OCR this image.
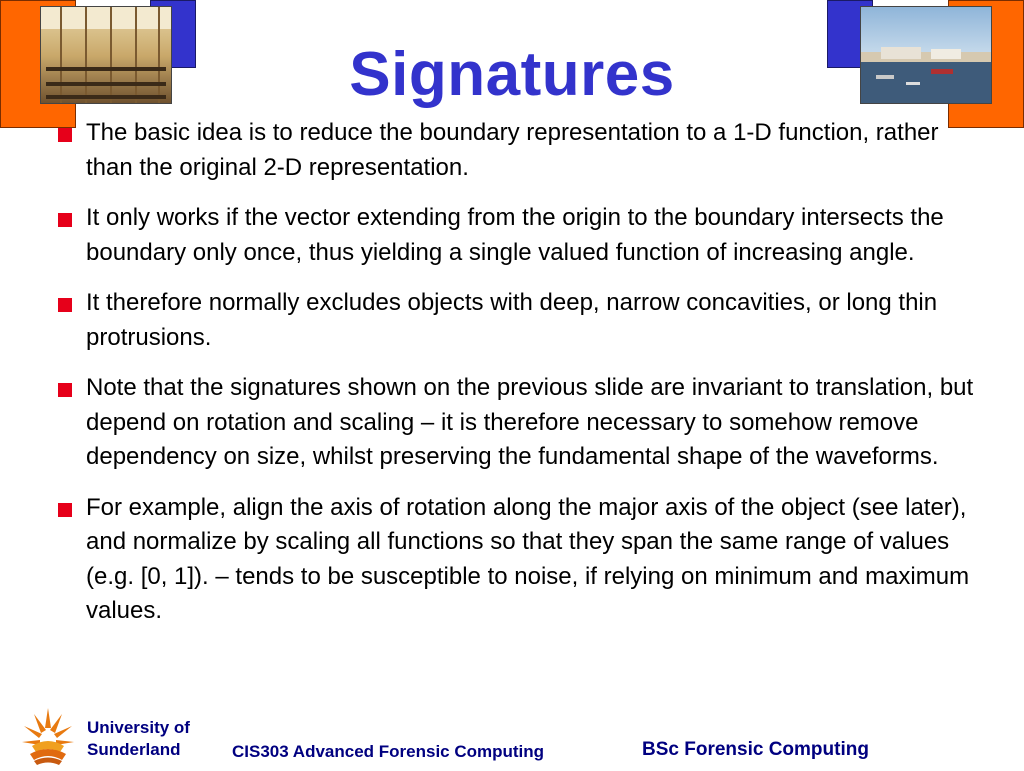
Signatures
The basic idea is to reduce the boundary representation to a 1-D function, rather than the original 2-D representation.
It only works if the vector extending from the origin to the boundary intersects the boundary only once, thus yielding a single valued function of increasing angle.
It therefore normally excludes objects with deep, narrow concavities, or long thin protrusions.
Note that the signatures shown on the previous slide are invariant to translation, but depend on rotation and scaling – it is therefore necessary to somehow remove dependency on size, whilst preserving the fundamental shape of the waveforms.
For example, align the axis of rotation along the major axis of the object (see later), and normalize by scaling all functions so that they span the same range of values (e.g. [0, 1]). – tends to be susceptible to noise, if relying on minimum and maximum values.
University of
Sunderland	CIS303 Advanced Forensic Computing	BSc Forensic Computing
